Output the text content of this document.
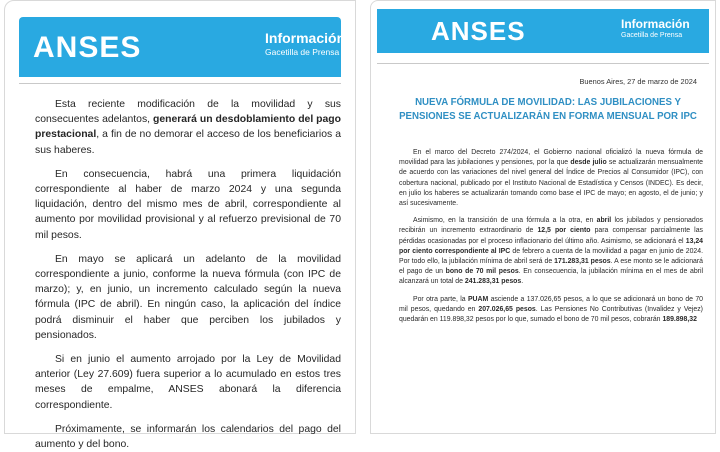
ANSES	Información
Gacetilla de Prensa

Esta reciente modificación de la movilidad y sus consecuentes adelantos, generará un desdoblamiento del pago prestacional, a fin de no demorar el acceso de los beneficiarios a sus haberes.

En consecuencia, habrá una primera liquidación correspondiente al haber de marzo 2024 y una segunda liquidación, dentro del mismo mes de abril, correspondiente al aumento por movilidad provisional y al refuerzo previsional de 70 mil pesos.

En mayo se aplicará un adelanto de la movilidad correspondiente a junio, conforme la nueva fórmula (con IPC de marzo); y, en junio, un incremento calculado según la nueva fórmula (IPC de abril). En ningún caso, la aplicación del índice podrá disminuir el haber que perciben los jubilados y pensionados.

Si en junio el aumento arrojado por la Ley de Movilidad anterior (Ley 27.609) fuera superior a lo acumulado en estos tres meses de empalme, ANSES abonará la diferencia correspondiente.

Próximamente, se informarán los calendarios del pago del aumento y del bono.

ANSES	Información
Gacetilla de Prensa
Buenos Aires, 27 de marzo de 2024
NUEVA FÓRMULA DE MOVILIDAD: LAS JUBILACIONES Y PENSIONES SE ACTUALIZARÁN EN FORMA MENSUAL POR IPC

En el marco del Decreto 274/2024, el Gobierno nacional oficializó la nueva fórmula de movilidad para las jubilaciones y pensiones, por la que desde julio se actualizarán mensualmente de acuerdo con las variaciones del nivel general del Índice de Precios al Consumidor (IPC), con cobertura nacional, publicado por el Instituto Nacional de Estadística y Censos (INDEC). Es decir, en julio los haberes se actualizarán tomando como base el IPC de mayo; en agosto, el de junio; y así sucesivamente.

Asimismo, en la transición de una fórmula a la otra, en abril los jubilados y pensionados recibirán un incremento extraordinario de 12,5 por ciento para compensar parcialmente las pérdidas ocasionadas por el proceso inflacionario del último año. Asimismo, se adicionará el 13,24 por ciento correspondiente al IPC de febrero a cuenta de la movilidad a pagar en junio de 2024. Por todo ello, la jubilación mínima de abril será de 171.283,31 pesos. A ese monto se le adicionará el pago de un bono de 70 mil pesos. En consecuencia, la jubilación mínima en el mes de abril alcanzará un total de 241.283,31 pesos.

Por otra parte, la PUAM asciende a 137.026,65 pesos, a lo que se adicionará un bono de 70 mil pesos, quedando en 207.026,65 pesos. Las Pensiones No Contributivas (Invalidez y Vejez) quedarán en 119.898,32 pesos por lo que, sumado el bono de 70 mil pesos, cobrarán 189.898,32
